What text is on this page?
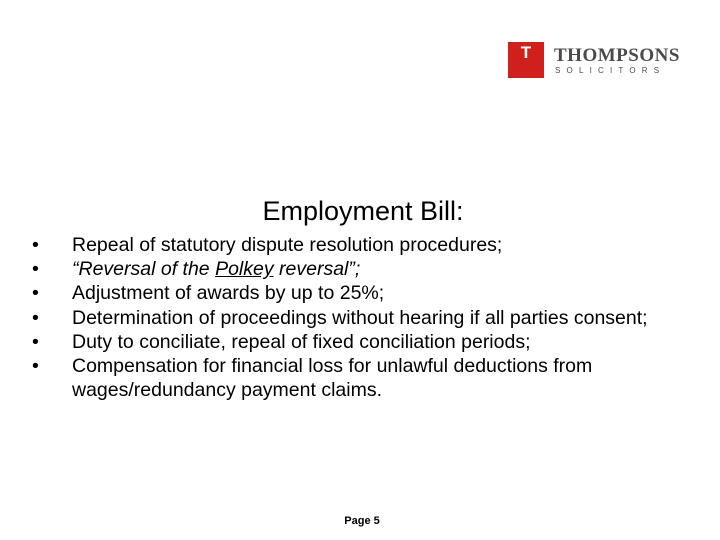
T	THOMPSONS
SOLICITORS
Employment Bill:
• Repeal of statutory dispute resolution procedures;
• “Reversal of the Polkey reversal”;
• Adjustment of awards by up to 25%;
• Determination of proceedings without hearing if all parties consent;
• Duty to conciliate, repeal of fixed conciliation periods;
• Compensation for financial loss for unlawful deductions from wages/redundancy payment claims.
Page 5
